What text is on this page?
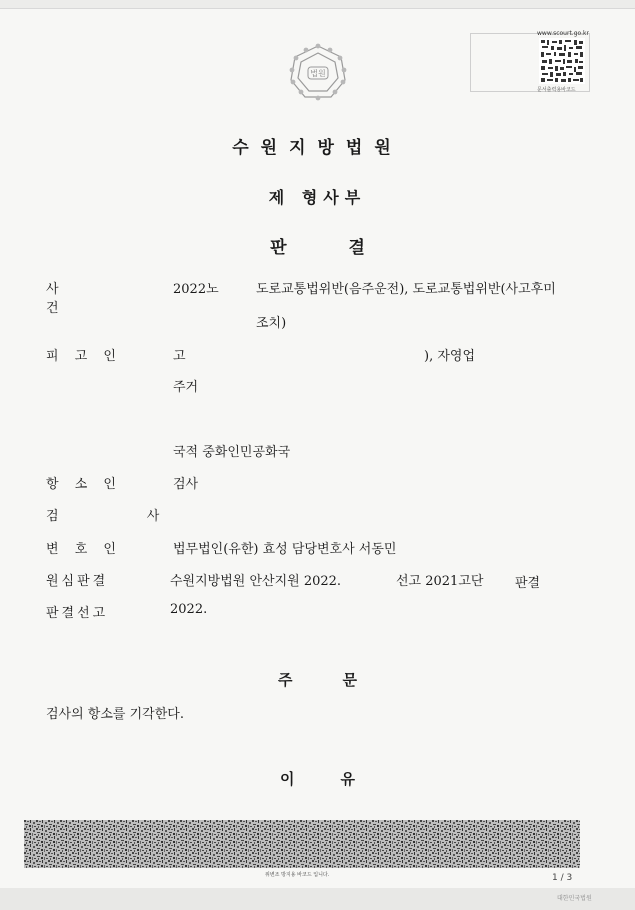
법원
www.scourt.go.kr
문서출력용바코드
수원지방법원
제 형사부
판	결
사 건
2022노	도로교통법위반(음주운전), 도로교통법위반(사고후미
조치)
피 고 인	고	), 자영업
주거
국적 중화인민공화국
항 소 인	검사
검 사
변 호 인	법무법인(유한) 효성 담당변호사 서동민
원심판결	수원지방법원 안산지원 2022.	선고 2021고단 판결
판결선고	2022.
주	문
검사의 항소를 기각한다.
이	유
위변조 방지용 바코드 입니다.	1 / 3
대한민국법원
